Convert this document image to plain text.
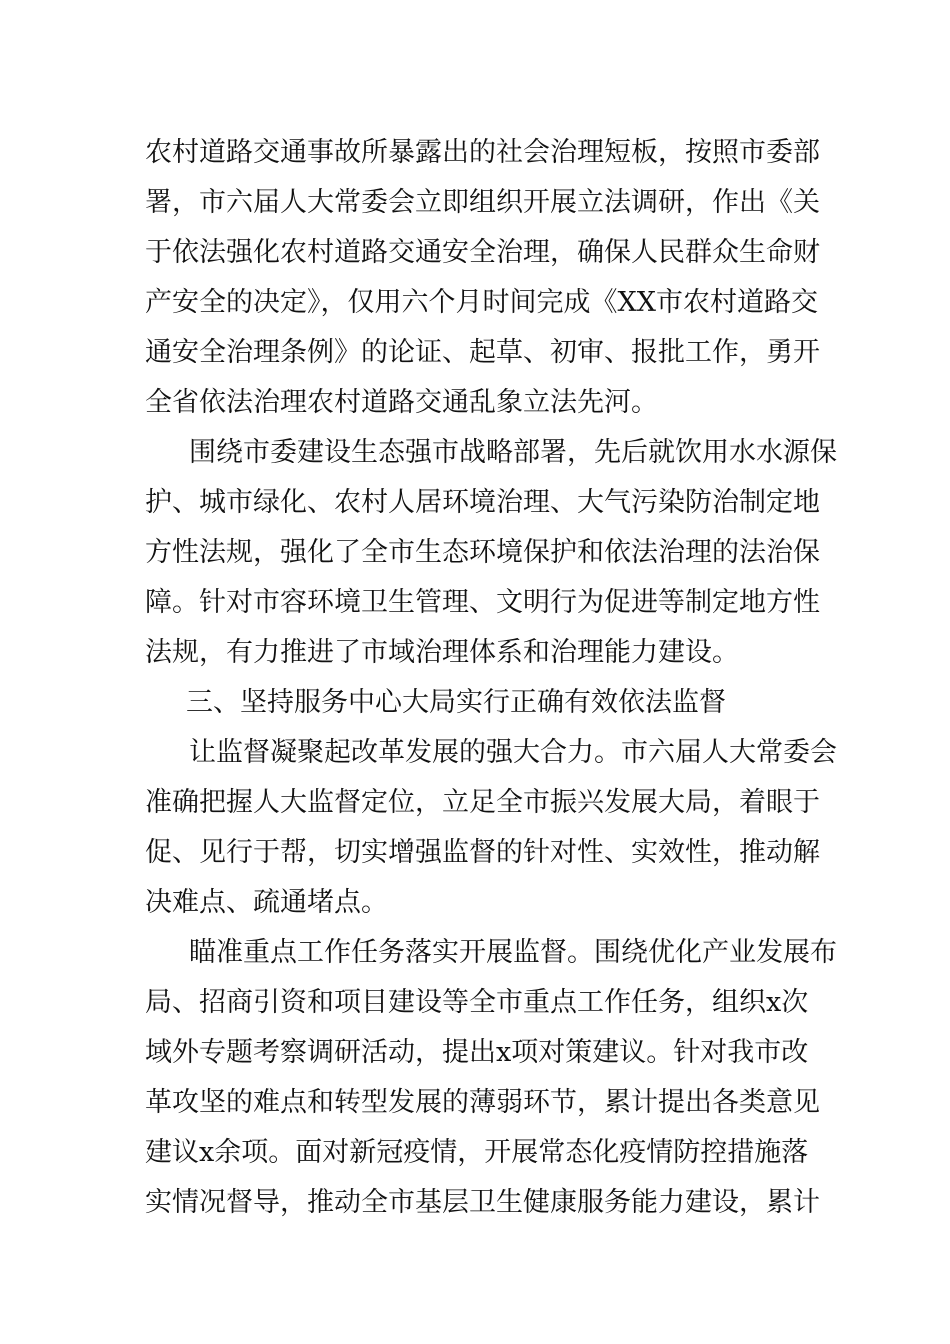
农村道路交通事故所暴露出的社会治理短板，按照市委部
署，市六届人大常委会立即组织开展立法调研，作出《关
于依法强化农村道路交通安全治理，确保人民群众生命财
产安全的决定》，仅用六个月时间完成《XX市农村道路交
通安全治理条例》的论证、起草、初审、报批工作，勇开
全省依法治理农村道路交通乱象立法先河。
围绕市委建设生态强市战略部署，先后就饮用水水源保
护、城市绿化、农村人居环境治理、大气污染防治制定地
方性法规，强化了全市生态环境保护和依法治理的法治保
障。针对市容环境卫生管理、文明行为促进等制定地方性
法规，有力推进了市域治理体系和治理能力建设。
三、坚持服务中心大局实行正确有效依法监督
让监督凝聚起改革发展的强大合力。市六届人大常委会
准确把握人大监督定位，立足全市振兴发展大局，着眼于
促、见行于帮，切实增强监督的针对性、实效性，推动解
决难点、疏通堵点。
瞄准重点工作任务落实开展监督。围绕优化产业发展布
局、招商引资和项目建设等全市重点工作任务，组织x次
域外专题考察调研活动，提出x项对策建议。针对我市改
革攻坚的难点和转型发展的薄弱环节，累计提出各类意见
建议x余项。面对新冠疫情，开展常态化疫情防控措施落
实情况督导，推动全市基层卫生健康服务能力建设，累计
